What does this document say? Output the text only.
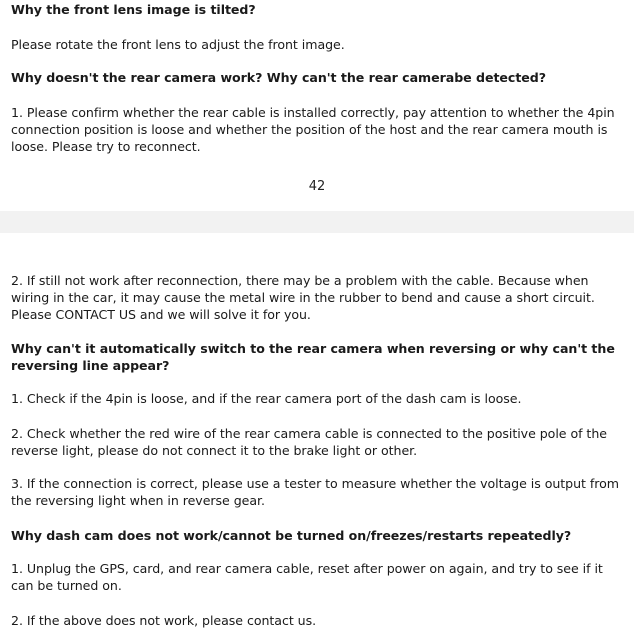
Why the front lens image is tilted?

Please rotate the front lens to adjust the front image.

Why doesn't the rear camera work? Why can't the rear camerabe detected?

1. Please confirm whether the rear cable is installed correctly, pay attention to whether the 4pin connection position is loose and whether the position of the host and the rear camera mouth is loose. Please try to reconnect.

42

2. If still not work after reconnection, there may be a problem with the cable. Because when wiring in the car, it may cause the metal wire in the rubber to bend and cause a short circuit. Please CONTACT US and we will solve it for you.

Why can't it automatically switch to the rear camera when reversing or why can't the reversing line appear?

1. Check if the 4pin is loose, and if the rear camera port of the dash cam is loose.

2. Check whether the red wire of the rear camera cable is connected to the positive pole of the reverse light, please do not connect it to the brake light or other.

3. If the connection is correct, please use a tester to measure whether the voltage is output from the reversing light when in reverse gear.

Why dash cam does not work/cannot be turned on/freezes/restarts repeatedly?

1. Unplug the GPS, card, and rear camera cable, reset after power on again, and try to see if it can be turned on.

2. If the above does not work, please contact us.
